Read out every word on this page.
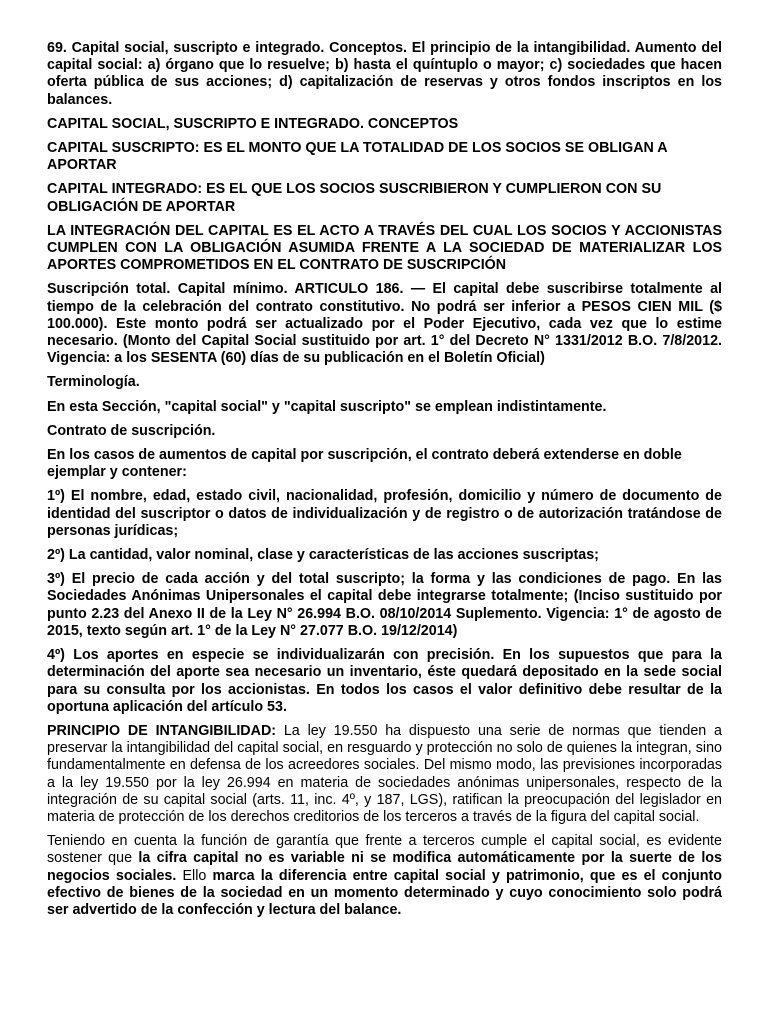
69. Capital social, suscripto e integrado. Conceptos. El principio de la intangibilidad. Aumento del capital social: a) órgano que lo resuelve; b) hasta el quíntuplo o mayor; c) sociedades que hacen oferta pública de sus acciones; d) capitalización de reservas y otros fondos inscriptos en los balances.

CAPITAL SOCIAL, SUSCRIPTO E INTEGRADO. CONCEPTOS

CAPITAL SUSCRIPTO: ES EL MONTO QUE LA TOTALIDAD DE LOS SOCIOS SE OBLIGAN A APORTAR

CAPITAL INTEGRADO: ES EL QUE LOS SOCIOS SUSCRIBIERON Y CUMPLIERON CON SU OBLIGACIÓN DE APORTAR

LA INTEGRACIÓN DEL CAPITAL ES EL ACTO A TRAVÉS DEL CUAL LOS SOCIOS Y ACCIONISTAS CUMPLEN CON LA OBLIGACIÓN ASUMIDA FRENTE A LA SOCIEDAD DE MATERIALIZAR LOS APORTES COMPROMETIDOS EN EL CONTRATO DE SUSCRIPCIÓN

Suscripción total. Capital mínimo. ARTICULO 186. — El capital debe suscribirse totalmente al tiempo de la celebración del contrato constitutivo. No podrá ser inferior a PESOS CIEN MIL ($ 100.000). Este monto podrá ser actualizado por el Poder Ejecutivo, cada vez que lo estime necesario. (Monto del Capital Social sustituido por art. 1° del Decreto N° 1331/2012 B.O. 7/8/2012. Vigencia: a los SESENTA (60) días de su publicación en el Boletín Oficial)

Terminología.

En esta Sección, "capital social" y "capital suscripto" se emplean indistintamente.

Contrato de suscripción.

En los casos de aumentos de capital por suscripción, el contrato deberá extenderse en doble ejemplar y contener:

1º) El nombre, edad, estado civil, nacionalidad, profesión, domicilio y número de documento de identidad del suscriptor o datos de individualización y de registro o de autorización tratándose de personas jurídicas;

2º) La cantidad, valor nominal, clase y características de las acciones suscriptas;

3º) El precio de cada acción y del total suscripto; la forma y las condiciones de pago. En las Sociedades Anónimas Unipersonales el capital debe integrarse totalmente; (Inciso sustituido por punto 2.23 del Anexo II de la Ley N° 26.994 B.O. 08/10/2014 Suplemento. Vigencia: 1° de agosto de 2015, texto según art. 1° de la Ley N° 27.077 B.O. 19/12/2014)

4º) Los aportes en especie se individualizarán con precisión. En los supuestos que para la determinación del aporte sea necesario un inventario, éste quedará depositado en la sede social para su consulta por los accionistas. En todos los casos el valor definitivo debe resultar de la oportuna aplicación del artículo 53.

PRINCIPIO DE INTANGIBILIDAD: La ley 19.550 ha dispuesto una serie de normas que tienden a preservar la intangibilidad del capital social, en resguardo y protección no solo de quienes la integran, sino fundamentalmente en defensa de los acreedores sociales. Del mismo modo, las previsiones incorporadas a la ley 19.550 por la ley 26.994 en materia de sociedades anónimas unipersonales, respecto de la integración de su capital social (arts. 11, inc. 4º, y 187, LGS), ratifican la preocupación del legislador en materia de protección de los derechos creditorios de los terceros a través de la figura del capital social.

Teniendo en cuenta la función de garantía que frente a terceros cumple el capital social, es evidente sostener que la cifra capital no es variable ni se modifica automáticamente por la suerte de los negocios sociales. Ello marca la diferencia entre capital social y patrimonio, que es el conjunto efectivo de bienes de la sociedad en un momento determinado y cuyo conocimiento solo podrá ser advertido de la confección y lectura del balance.
